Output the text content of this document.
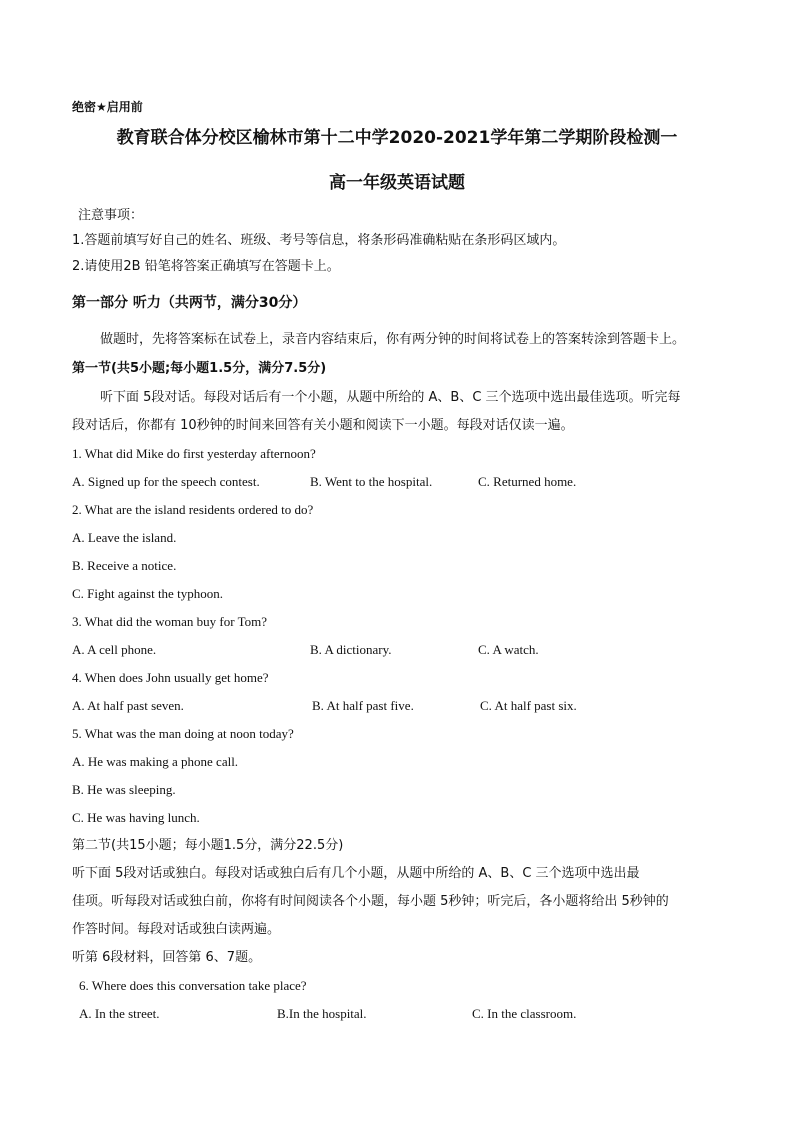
绝密★启用前
教育联合体分校区榆林市第十二中学2020-2021学年第二学期阶段检测一
高一年级英语试题
注意事项：
1.答题前填写好自己的姓名、班级、考号等信息，将条形码准确粘贴在条形码区域内。
2.请使用2B 铅笔将答案正确填写在答题卡上。
第一部分 听力（共两节，满分30分）
做题时，先将答案标在试卷上，录音内容结束后，你有两分钟的时间将试卷上的答案转涂到答题卡上。
第一节(共5小题;每小题1.5分，满分7.5分)
听下面 5段对话。每段对话后有一个小题，从题中所给的 A、B、C 三个选项中选出最佳选项。听完每
段对话后，你都有 10秒钟的时间来回答有关小题和阅读下一小题。每段对话仅读一遍。
1. What did Mike do first yesterday afternoon?
A. Signed up for the speech contest.	B. Went to the hospital.	C. Returned home.
2. What are the island residents ordered to do?
A. Leave the island.
B. Receive a notice.
C. Fight against the typhoon.
3. What did the woman buy for Tom?
A. A cell phone.	B. A dictionary.	C. A watch.
4. When does John usually get home?
A. At half past seven.	B. At half past five.	C. At half past six.
5. What was the man doing at noon today?
A. He was making a phone call.
B. He was sleeping.
C. He was having lunch.
第二节(共15小题；每小题1.5分，满分22.5分)
听下面 5段对话或独白。每段对话或独白后有几个小题，从题中所给的 A、B、C 三个选项中选出最
佳项。听每段对话或独白前，你将有时间阅读各个小题，每小题 5秒钟；听完后，各小题将给出 5秒钟的
作答时间。每段对话或独白读两遍。
听第 6段材料，回答第 6、7题。
6. Where does this conversation take place?
A. In the street.	B.In the hospital.	C. In the classroom.
